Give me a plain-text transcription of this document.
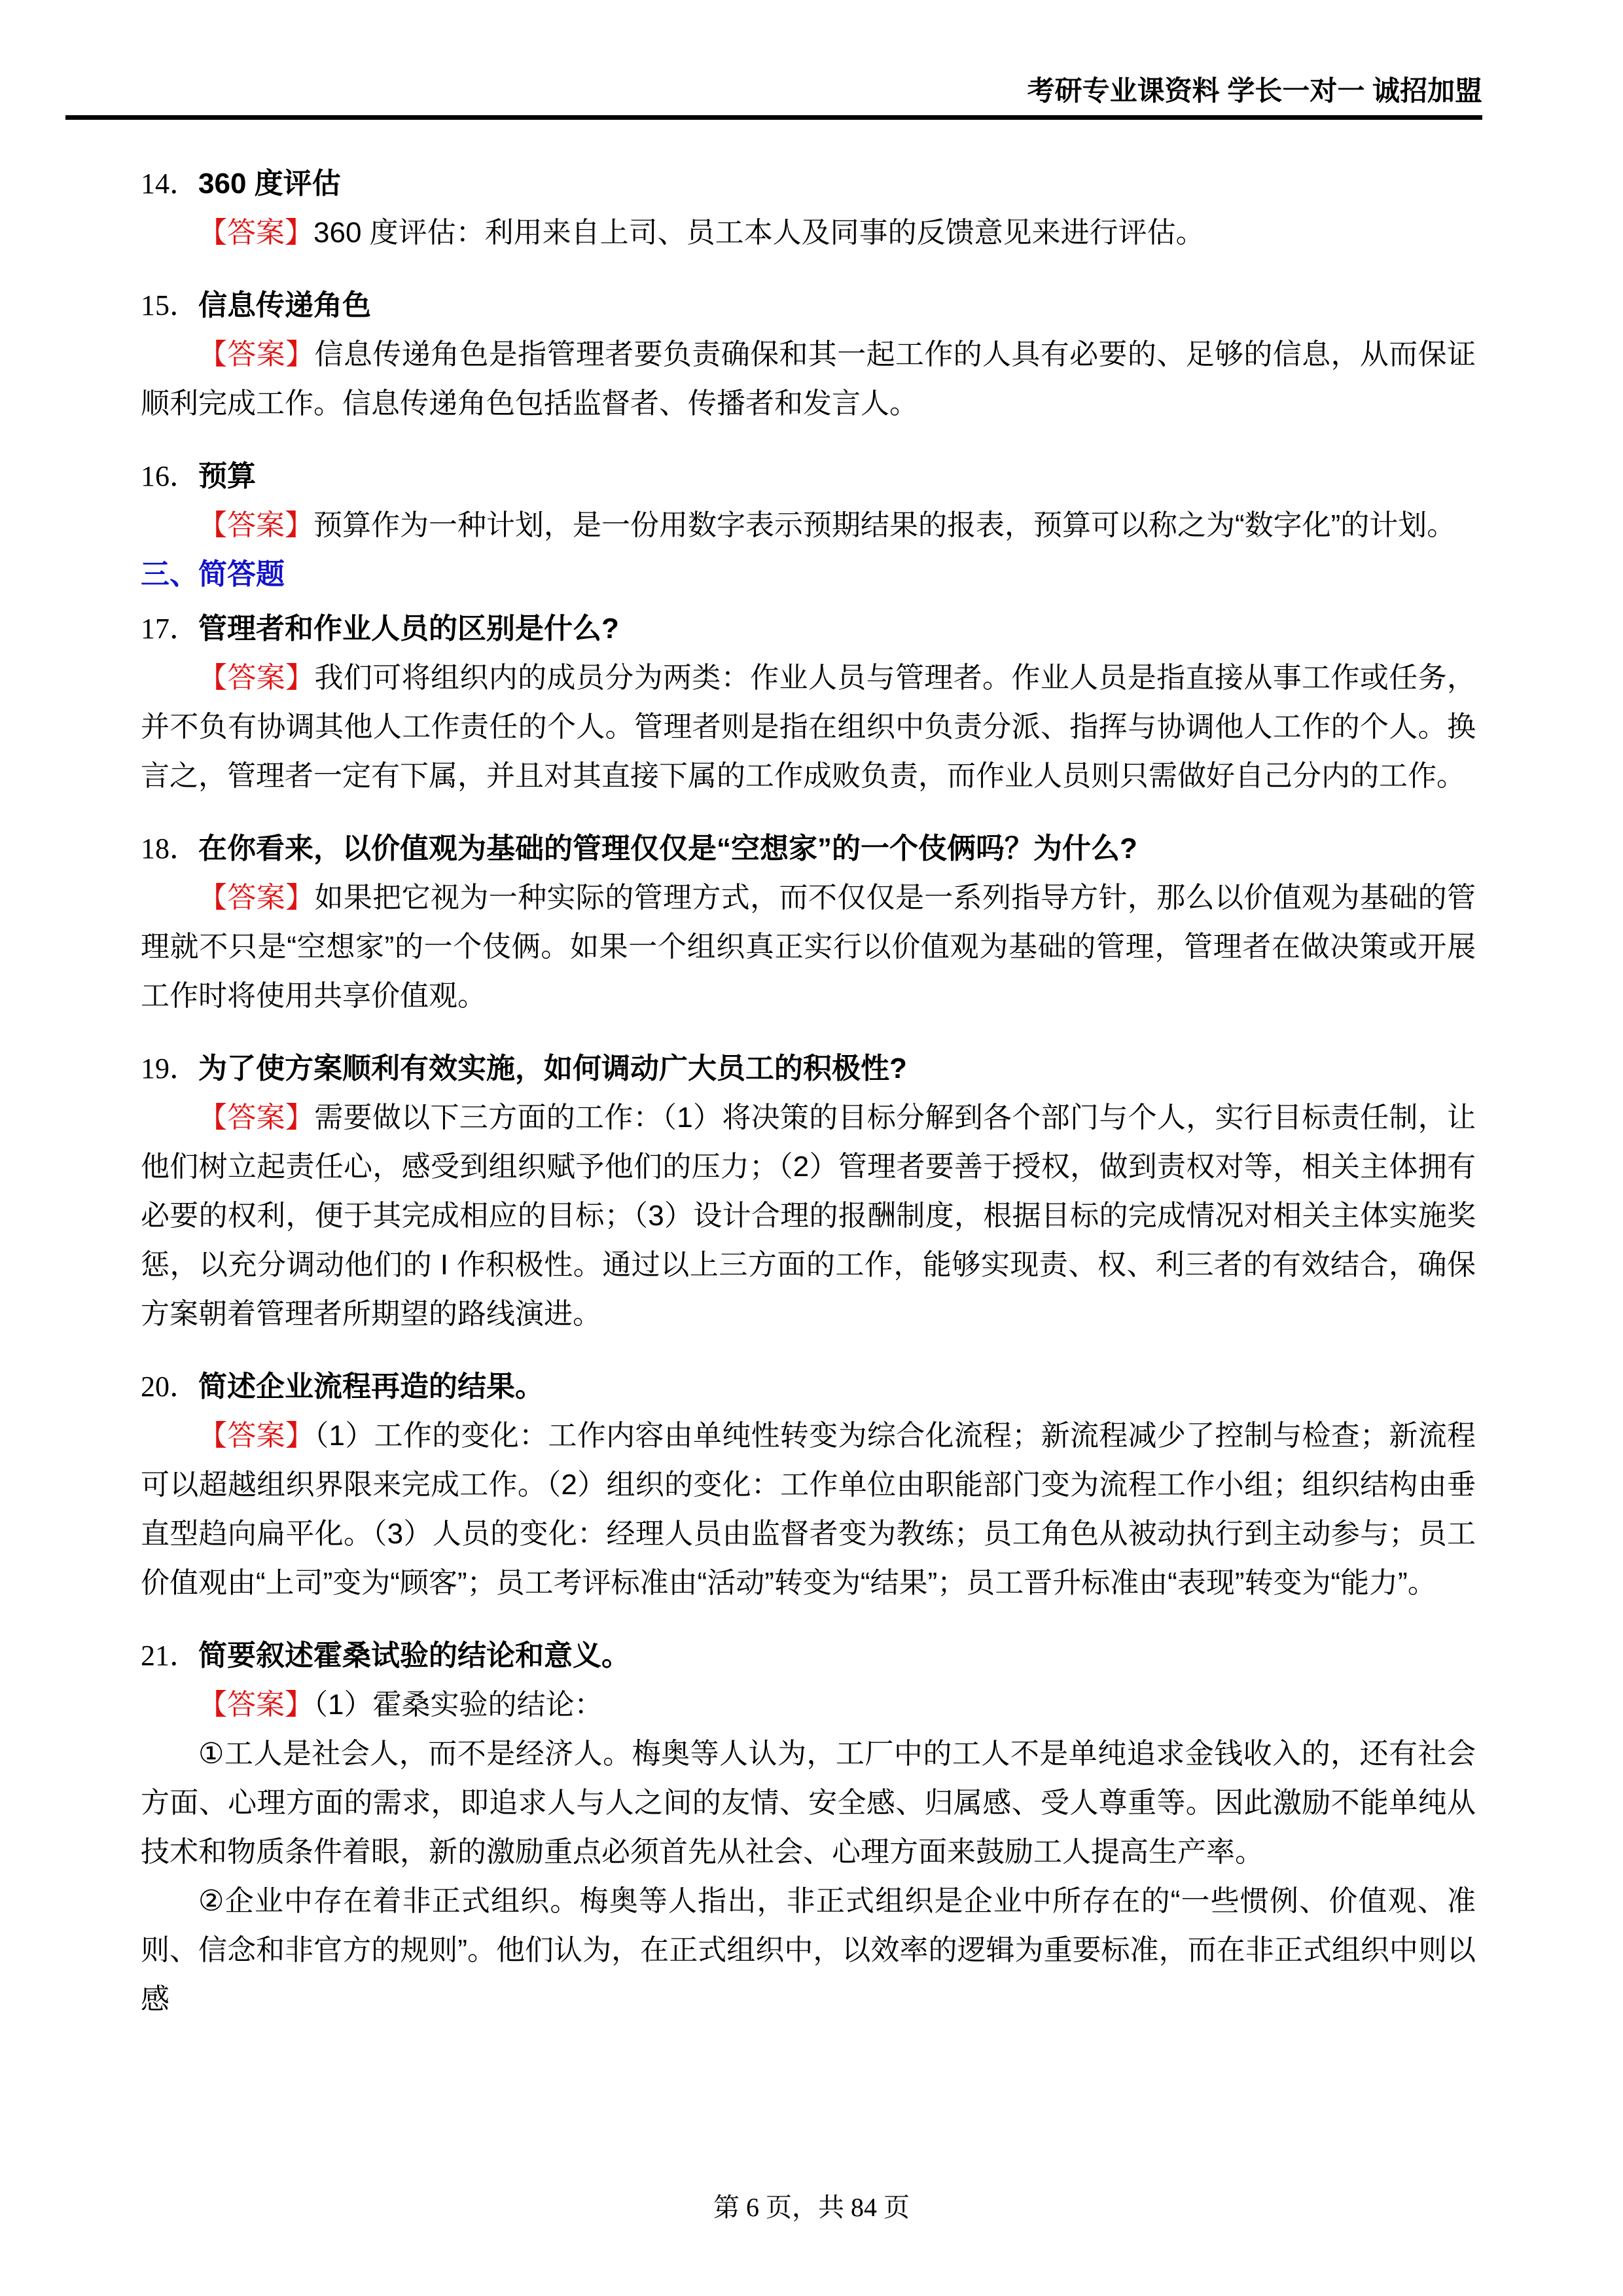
考研专业课资料 学长一对一 诚招加盟

14．360 度评估

【答案】360 度评估：利用来自上司、员工本人及同事的反馈意见来进行评估。

15．信息传递角色

【答案】信息传递角色是指管理者要负责确保和其一起工作的人具有必要的、足够的信息，从而保证顺利完成工作。信息传递角色包括监督者、传播者和发言人。

16．预算

【答案】预算作为一种计划，是一份用数字表示预期结果的报表，预算可以称之为“数字化”的计划。

三、简答题

17．管理者和作业人员的区别是什么?

【答案】我们可将组织内的成员分为两类：作业人员与管理者。作业人员是指直接从事工作或任务，并不负有协调其他人工作责任的个人。管理者则是指在组织中负责分派、指挥与协调他人工作的个人。换言之，管理者一定有下属，并且对其直接下属的工作成败负责，而作业人员则只需做好自己分内的工作。

18．在你看来，以价值观为基础的管理仅仅是“空想家”的一个伎俩吗？为什么?

【答案】如果把它视为一种实际的管理方式，而不仅仅是一系列指导方针，那么以价值观为基础的管理就不只是“空想家”的一个伎俩。如果一个组织真正实行以价值观为基础的管理，管理者在做决策或开展工作时将使用共享价值观。

19．为了使方案顺利有效实施，如何调动广大员工的积极性?

【答案】需要做以下三方面的工作：（1）将决策的目标分解到各个部门与个人，实行目标责任制，让他们树立起责任心，感受到组织赋予他们的压力；（2）管理者要善于授权，做到责权对等，相关主体拥有必要的权利，便于其完成相应的目标；（3）设计合理的报酬制度，根据目标的完成情况对相关主体实施奖惩，以充分调动他们的 I 作积极性。通过以上三方面的工作，能够实现责、权、利三者的有效结合，确保方案朝着管理者所期望的路线演进。

20．简述企业流程再造的结果。

【答案】（1）工作的变化：工作内容由单纯性转变为综合化流程；新流程减少了控制与检查；新流程可以超越组织界限来完成工作。（2）组织的变化：工作单位由职能部门变为流程工作小组；组织结构由垂直型趋向扁平化。（3）人员的变化：经理人员由监督者变为教练；员工角色从被动执行到主动参与；员工价值观由“上司”变为“顾客”；员工考评标准由“活动”转变为“结果”；员工晋升标准由“表现”转变为“能力”。

21．简要叙述霍桑试验的结论和意义。

【答案】（1）霍桑实验的结论：

①工人是社会人，而不是经济人。梅奥等人认为，工厂中的工人不是单纯追求金钱收入的，还有社会方面、心理方面的需求，即追求人与人之间的友情、安全感、归属感、受人尊重等。因此激励不能单纯从技术和物质条件着眼，新的激励重点必须首先从社会、心理方面来鼓励工人提高生产率。

②企业中存在着非正式组织。梅奥等人指出，非正式组织是企业中所存在的“一些惯例、价值观、准则、信念和非官方的规则”。他们认为，在正式组织中，以效率的逻辑为重要标准，而在非正式组织中则以感

第 6 页，共 84 页
